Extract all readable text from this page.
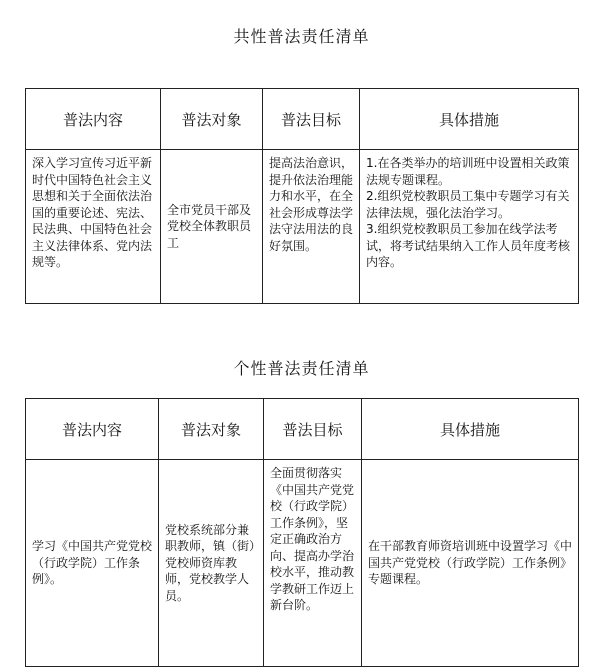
共性普法责任清单
普法内容	普法对象	普法目标	具体措施
深入学习宣传习近平新时代中国特色社会主义思想和关于全面依法治国的重要论述、宪法、民法典、中国特色社会主义法律体系、党内法规等。	全市党员干部及党校全体教职员工	提高法治意识，提升依法治理能力和水平，在全社会形成尊法学法守法用法的良好氛围。	1.在各类举办的培训班中设置相关政策法规专题课程。
2.组织党校教职员工集中专题学习有关法律法规，强化法治学习。
3.组织党校教职员工参加在线学法考试，将考试结果纳入工作人员年度考核内容。
个性普法责任清单
普法内容	普法对象	普法目标	具体措施
学习《中国共产党党校（行政学院）工作条例》。	党校系统部分兼职教师，镇（街）党校师资库教师，党校教学人员。	全面贯彻落实《中国共产党党校（行政学院）工作条例》，坚定正确政治方向、提高办学治校水平，推动教学教研工作迈上新台阶。	在干部教育师资培训班中设置学习《中国共产党党校（行政学院）工作条例》专题课程。
